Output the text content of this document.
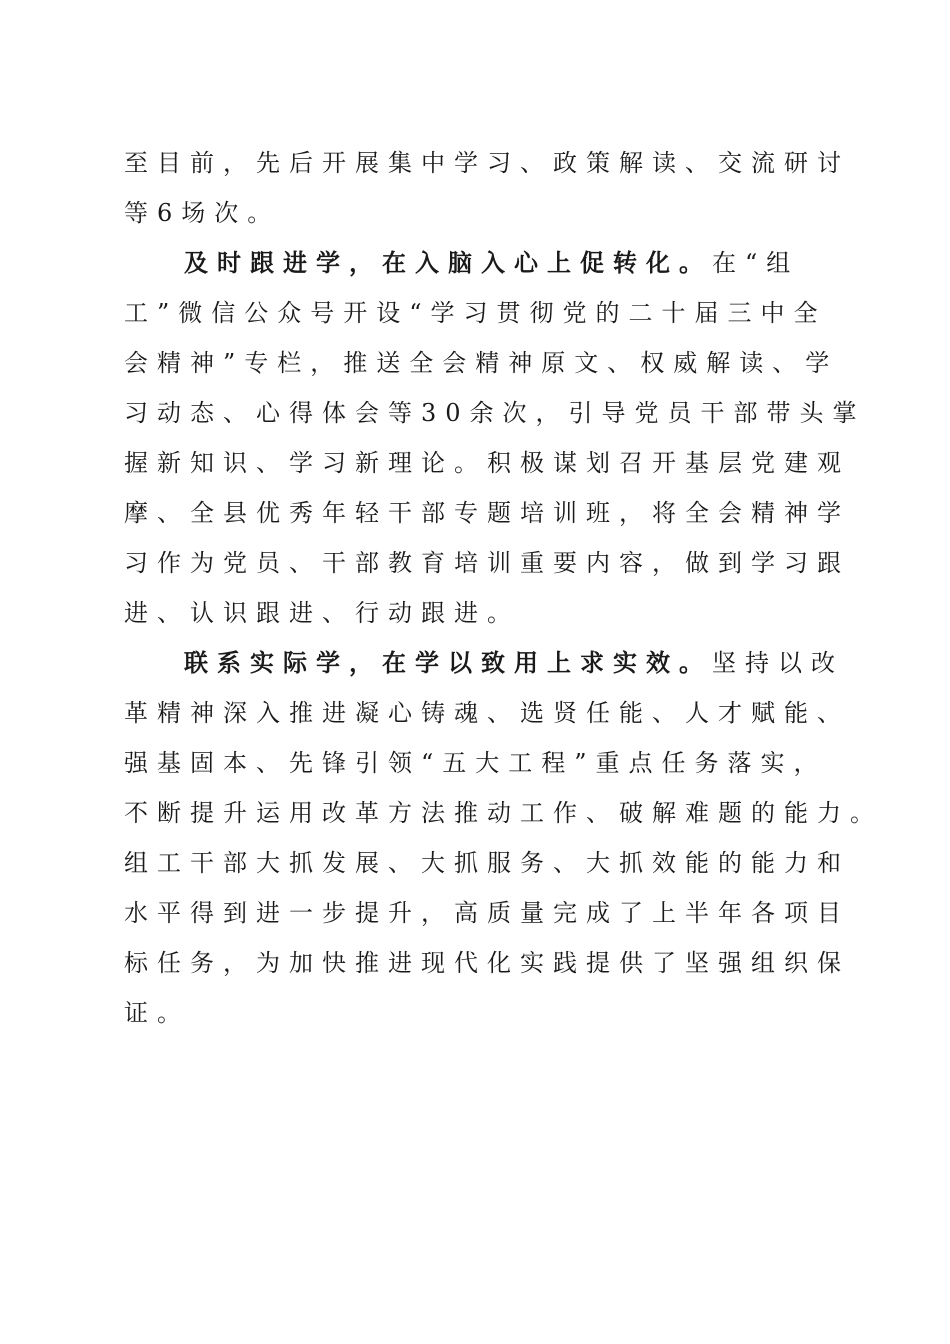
至目前，先后开展集中学习、政策解读、交流研讨
等6场次。
及时跟进学，在入脑入心上促转化。在“组
工”微信公众号开设“学习贯彻党的二十届三中全
会精神”专栏，推送全会精神原文、权威解读、学
习动态、心得体会等30余次，引导党员干部带头掌
握新知识、学习新理论。积极谋划召开基层党建观
摩、全县优秀年轻干部专题培训班，将全会精神学
习作为党员、干部教育培训重要内容，做到学习跟
进、认识跟进、行动跟进。
联系实际学，在学以致用上求实效。坚持以改
革精神深入推进凝心铸魂、选贤任能、人才赋能、
强基固本、先锋引领“五大工程”重点任务落实，
不断提升运用改革方法推动工作、破解难题的能力。
组工干部大抓发展、大抓服务、大抓效能的能力和
水平得到进一步提升，高质量完成了上半年各项目
标任务，为加快推进现代化实践提供了坚强组织保
证。
